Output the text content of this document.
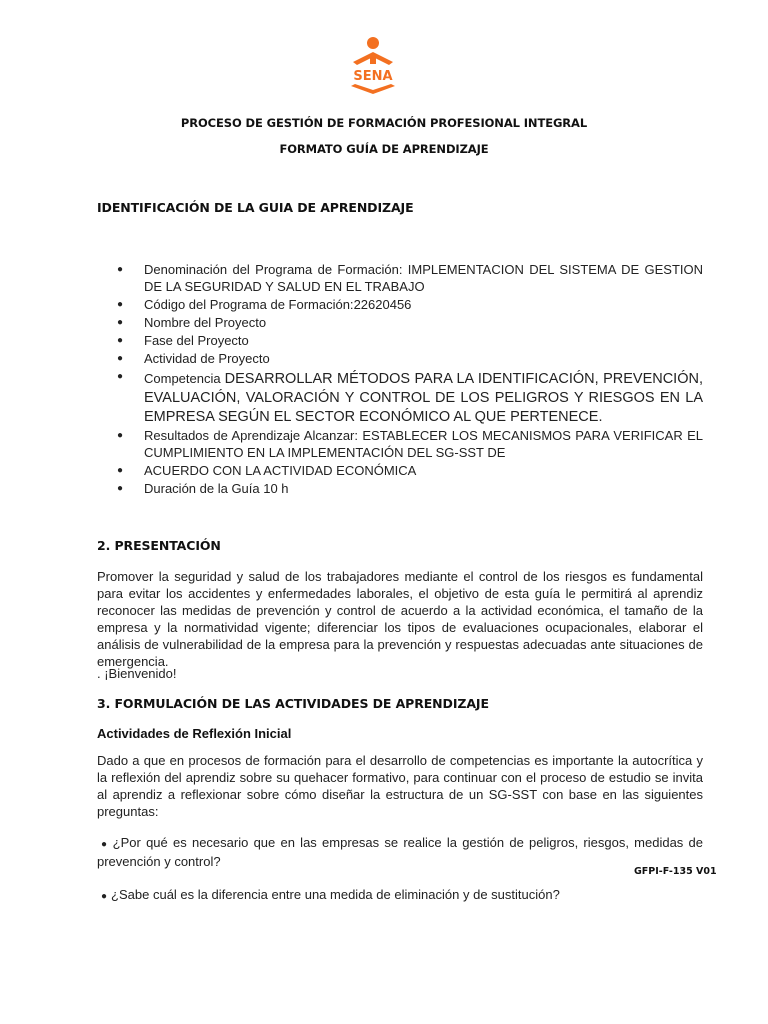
SENA
PROCESO DE GESTIÓN DE FORMACIÓN PROFESIONAL INTEGRAL
FORMATO GUÍA DE APRENDIZAJE
IDENTIFICACIÓN DE LA GUIA DE APRENDIZAJE
● Denominación del Programa de Formación: IMPLEMENTACION DEL SISTEMA DE GESTION DE LA SEGURIDAD Y SALUD EN EL TRABAJO
● Código del Programa de Formación:22620456
● Nombre del Proyecto
● Fase del Proyecto
● Actividad de Proyecto
● Competencia DESARROLLAR MÉTODOS PARA LA IDENTIFICACIÓN, PREVENCIÓN, EVALUACIÓN, VALORACIÓN Y CONTROL DE LOS PELIGROS Y RIESGOS EN LA EMPRESA SEGÚN EL SECTOR ECONÓMICO AL QUE PERTENECE.
● Resultados de Aprendizaje Alcanzar: ESTABLECER LOS MECANISMOS PARA VERIFICAR EL CUMPLIMIENTO EN LA IMPLEMENTACIÓN DEL SG-SST DE
● ACUERDO CON LA ACTIVIDAD ECONÓMICA
● Duración de la Guía 10 h
2. PRESENTACIÓN
Promover la seguridad y salud de los trabajadores mediante el control de los riesgos es fundamental para evitar los accidentes y enfermedades laborales, el objetivo de esta guía le permitirá al aprendiz reconocer las medidas de prevención y control de acuerdo a la actividad económica, el tamaño de la empresa y la normatividad vigente; diferenciar los tipos de evaluaciones ocupacionales, elaborar el análisis de vulnerabilidad de la empresa para la prevención y respuestas adecuadas ante situaciones de emergencia.
. ¡Bienvenido!
3. FORMULACIÓN DE LAS ACTIVIDADES DE APRENDIZAJE
Actividades de Reflexión Inicial
Dado a que en procesos de formación para el desarrollo de competencias es importante la autocrítica y la reflexión del aprendiz sobre su quehacer formativo, para continuar con el proceso de estudio se invita al aprendiz a reflexionar sobre cómo diseñar la estructura de un SG-SST con base en las siguientes preguntas:
● ¿Por qué es necesario que en las empresas se realice la gestión de peligros, riesgos, medidas de prevención y control?
GFPI-F-135 V01
● ¿Sabe cuál es la diferencia entre una medida de eliminación y de sustitución?
